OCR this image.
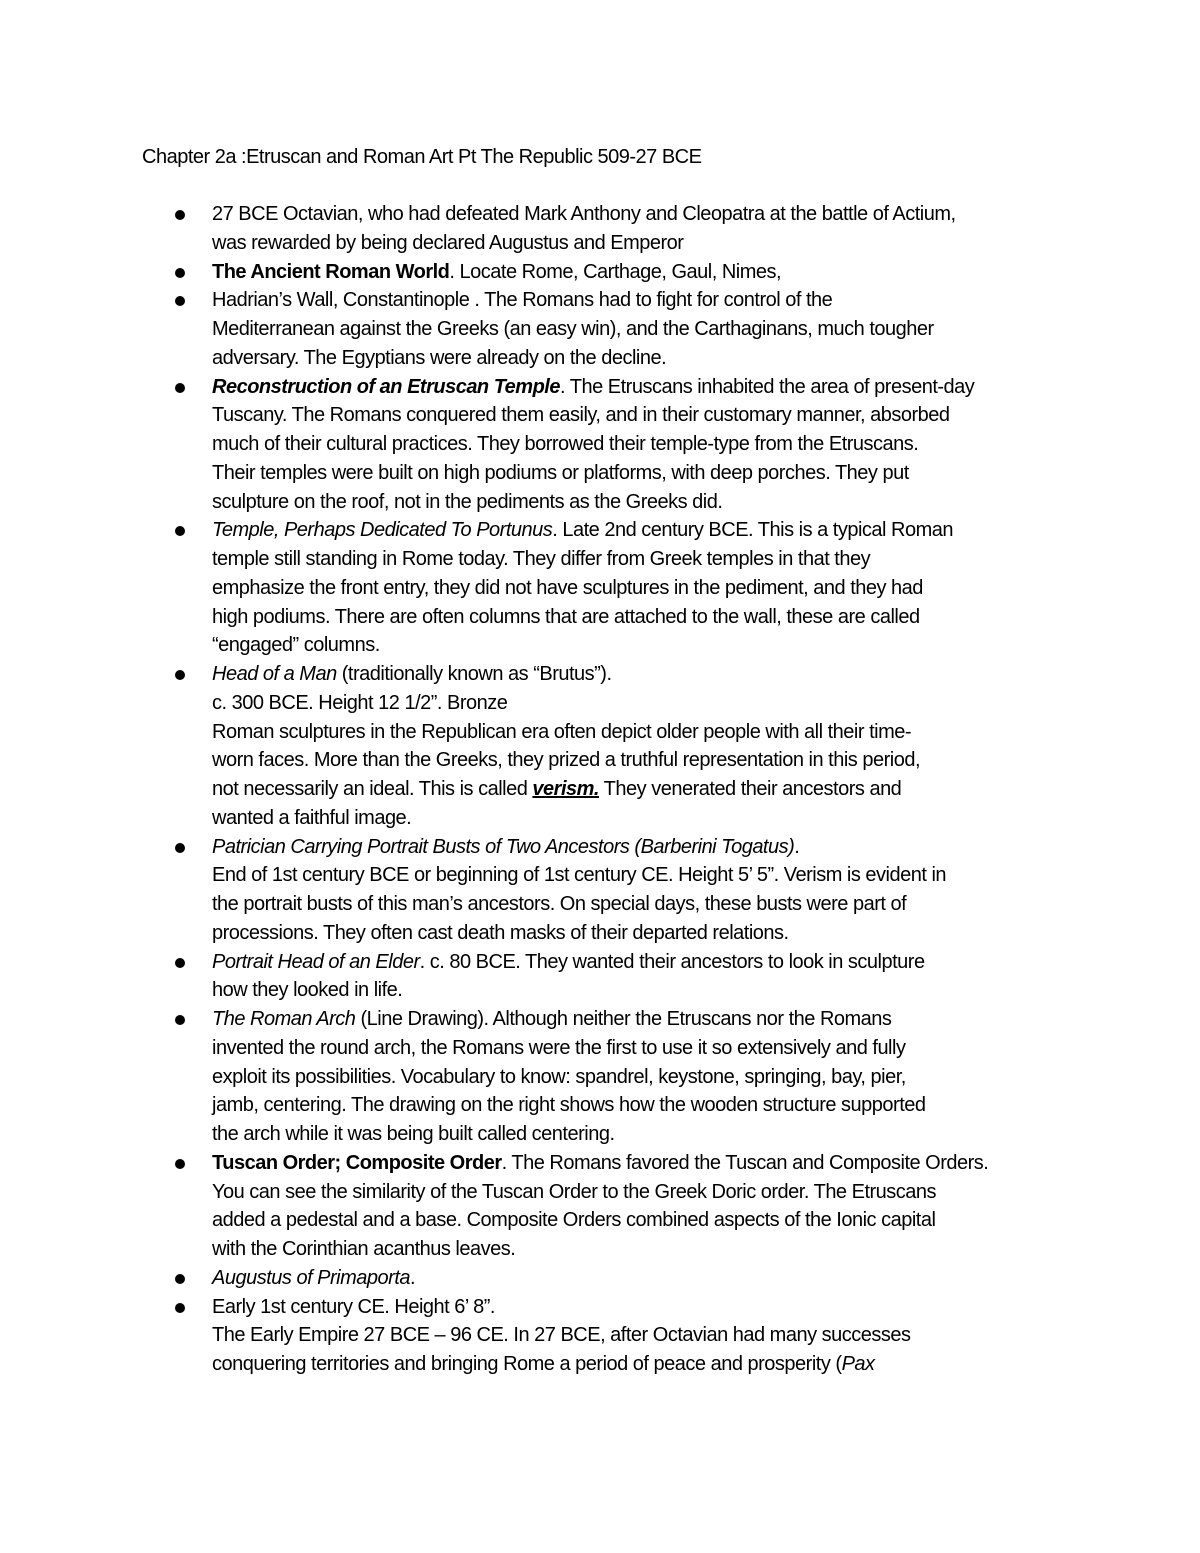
Chapter 2a :Etruscan and Roman Art Pt The Republic 509-27 BCE
27 BCE Octavian, who had defeated Mark Anthony and Cleopatra at the battle of Actium,
was rewarded by being declared Augustus and Emperor
The Ancient Roman World. Locate Rome, Carthage, Gaul, Nimes,
Hadrian’s Wall, Constantinople . The Romans had to fight for control of the
Mediterranean against the Greeks (an easy win), and the Carthaginans, much tougher
adversary. The Egyptians were already on the decline.
Reconstruction of an Etruscan Temple. The Etruscans inhabited the area of present-day
Tuscany. The Romans conquered them easily, and in their customary manner, absorbed
much of their cultural practices. They borrowed their temple-type from the Etruscans.
Their temples were built on high podiums or platforms, with deep porches. They put
sculpture on the roof, not in the pediments as the Greeks did.
Temple, Perhaps Dedicated To Portunus. Late 2nd century BCE. This is a typical Roman
temple still standing in Rome today. They differ from Greek temples in that they
emphasize the front entry, they did not have sculptures in the pediment, and they had
high podiums. There are often columns that are attached to the wall, these are called
“engaged” columns.
Head of a Man (traditionally known as “Brutus”).
c. 300 BCE. Height 12 1/2”. Bronze
Roman sculptures in the Republican era often depict older people with all their time-
worn faces. More than the Greeks, they prized a truthful representation in this period,
not necessarily an ideal. This is called verism. They venerated their ancestors and
wanted a faithful image.
Patrician Carrying Portrait Busts of Two Ancestors (Barberini Togatus).
End of 1st century BCE or beginning of 1st century CE. Height 5’ 5”. Verism is evident in
the portrait busts of this man’s ancestors. On special days, these busts were part of
processions. They often cast death masks of their departed relations.
Portrait Head of an Elder. c. 80 BCE. They wanted their ancestors to look in sculpture
how they looked in life.
The Roman Arch (Line Drawing). Although neither the Etruscans nor the Romans
invented the round arch, the Romans were the first to use it so extensively and fully
exploit its possibilities. Vocabulary to know: spandrel, keystone, springing, bay, pier,
jamb, centering. The drawing on the right shows how the wooden structure supported
the arch while it was being built called centering.
Tuscan Order; Composite Order. The Romans favored the Tuscan and Composite Orders.
You can see the similarity of the Tuscan Order to the Greek Doric order. The Etruscans
added a pedestal and a base. Composite Orders combined aspects of the Ionic capital
with the Corinthian acanthus leaves.
Augustus of Primaporta.
Early 1st century CE. Height 6’ 8”.
The Early Empire 27 BCE – 96 CE. In 27 BCE, after Octavian had many successes
conquering territories and bringing Rome a period of peace and prosperity (Pax
